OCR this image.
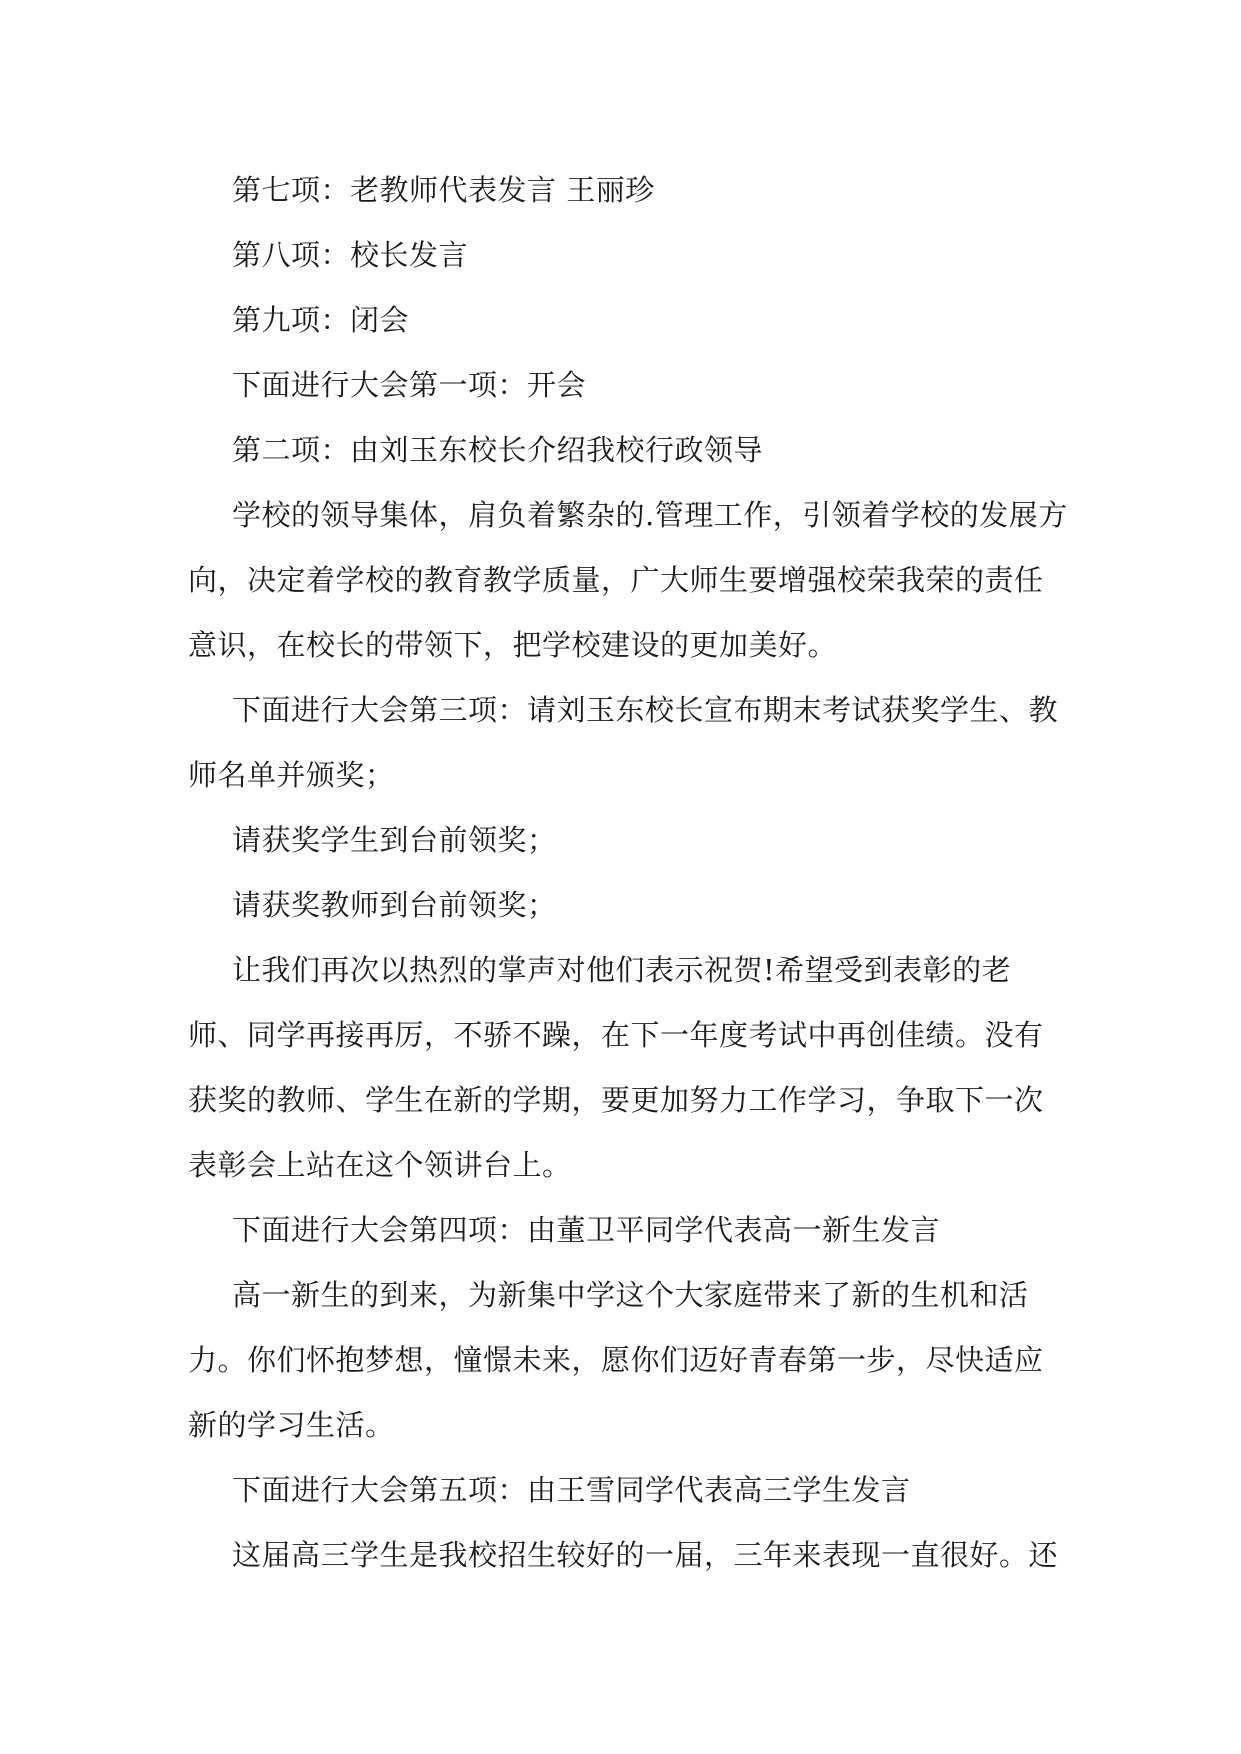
第七项：老教师代表发言 王丽珍

第八项：校长发言

第九项：闭会

下面进行大会第一项：开会

第二项：由刘玉东校长介绍我校行政领导

学校的领导集体，肩负着繁杂的.管理工作，引领着学校的发展方向，决定着学校的教育教学质量，广大师生要增强校荣我荣的责任意识，在校长的带领下，把学校建设的更加美好。

下面进行大会第三项：请刘玉东校长宣布期末考试获奖学生、教师名单并颁奖；

请获奖学生到台前领奖；

请获奖教师到台前领奖；

让我们再次以热烈的掌声对他们表示祝贺!希望受到表彰的老师、同学再接再厉，不骄不躁，在下一年度考试中再创佳绩。没有获奖的教师、学生在新的学期，要更加努力工作学习，争取下一次表彰会上站在这个领讲台上。

下面进行大会第四项：由董卫平同学代表高一新生发言

高一新生的到来，为新集中学这个大家庭带来了新的生机和活力。你们怀抱梦想，憧憬未来，愿你们迈好青春第一步，尽快适应新的学习生活。

下面进行大会第五项：由王雪同学代表高三学生发言

这届高三学生是我校招生较好的一届，三年来表现一直很好。还
